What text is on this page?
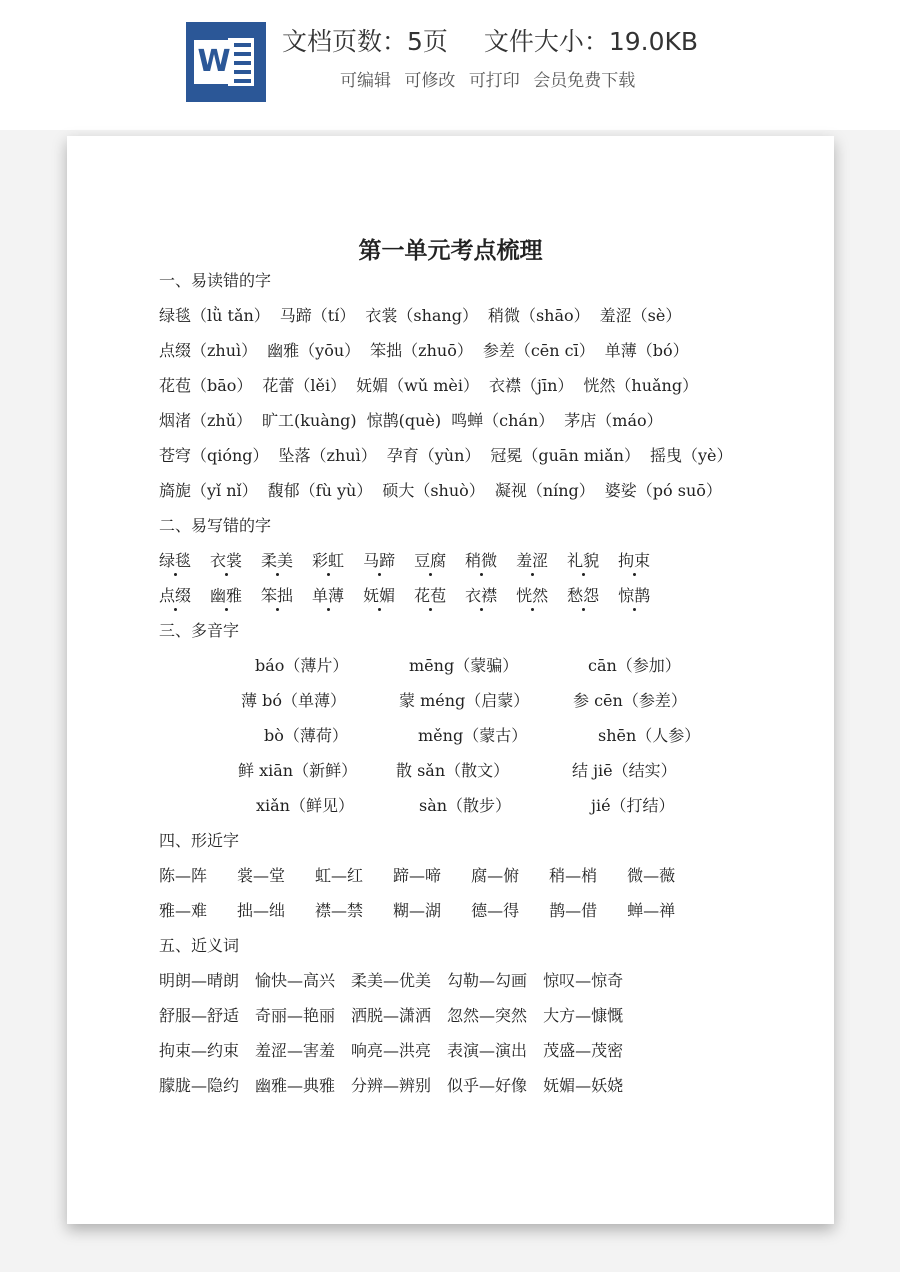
W
文档页数：5页 文件大小：19.0KB
可编辑 可修改 可打印 会员免费下载
第一单元考点梳理
一、易读错的字
绿毯（lǜ tǎn） 马蹄（tí） 衣裳（shang） 稍微（shāo） 羞涩（sè）
点缀（zhuì） 幽雅（yōu） 笨拙（zhuō） 参差（cēn cī） 单薄（bó）
花苞（bāo） 花蕾（lěi） 妩媚（wǔ mèi） 衣襟（jīn） 恍然（huǎng）
烟渚（zhǔ） 旷工(kuàng) 惊鹊(què) 鸣蝉（chán） 茅店（máo）
苍穹（qióng） 坠落（zhuì） 孕育（yùn） 冠冕（guān miǎn） 摇曳（yè）
旖旎（yǐ nǐ） 馥郁（fù yù） 硕大（shuò） 凝视（níng） 婆娑（pó suō）
二、易写错的字
绿毯 衣裳 柔美 彩虹 马蹄 豆腐 稍微 羞涩 礼貌 拘束
点缀 幽雅 笨拙 单薄 妩媚 花苞 衣襟 恍然 愁怨 惊鹊
三、多音字
báo（薄片）	mēng（蒙骗）	cān（参加）
薄 bó（单薄）	蒙 méng（启蒙）	参 cēn（参差）
bò（薄荷）	měng（蒙古）	shēn（人参）
鲜 xiān（新鲜） 散 sǎn（散文）	结 jiē（结实）
xiǎn（鲜见）	sàn（散步）	jié（打结）
四、形近字
陈—阵 裳—堂 虹—红 蹄—啼 腐—俯 稍—梢 微—薇
雅—难 拙—绌 襟—禁 糊—湖 德—得 鹊—借 蝉—禅
五、近义词
明朗—晴朗 愉快—高兴 柔美—优美 勾勒—勾画 惊叹—惊奇
舒服—舒适 奇丽—艳丽 洒脱—潇洒 忽然—突然 大方—慷慨
拘束—约束 羞涩—害羞 响亮—洪亮 表演—演出 茂盛—茂密
朦胧—隐约 幽雅—典雅 分辨—辨别 似乎—好像 妩媚—妖娆
